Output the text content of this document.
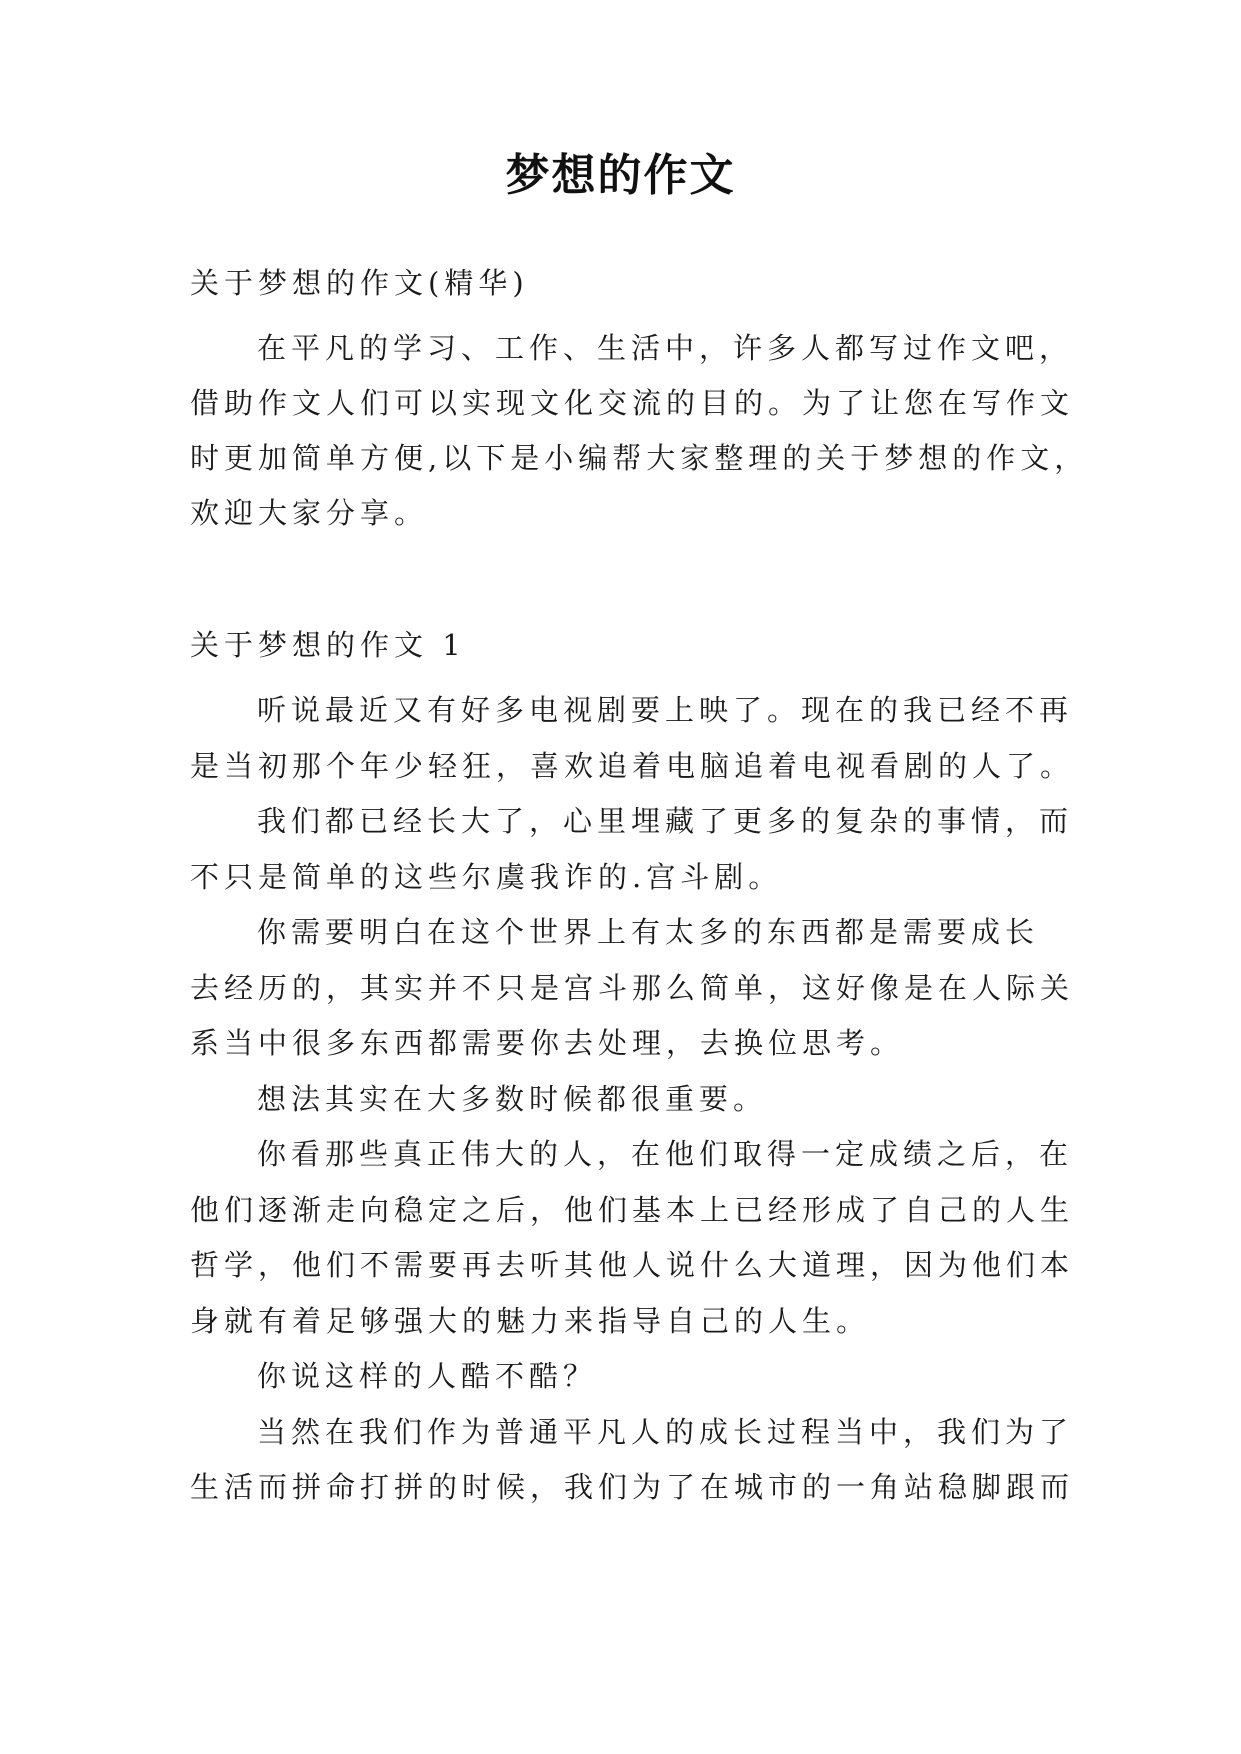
梦想的作文
关于梦想的作文(精华)
在平凡的学习、工作、生活中，许多人都写过作文吧，
借助作文人们可以实现文化交流的目的。为了让您在写作文
时更加简单方便,以下是小编帮大家整理的关于梦想的作文，
欢迎大家分享。
关于梦想的作文 1
听说最近又有好多电视剧要上映了。现在的我已经不再
是当初那个年少轻狂，喜欢追着电脑追着电视看剧的人了。
我们都已经长大了，心里埋藏了更多的复杂的事情，而
不只是简单的这些尔虞我诈的.宫斗剧。
你需要明白在这个世界上有太多的东西都是需要成长
去经历的，其实并不只是宫斗那么简单，这好像是在人际关
系当中很多东西都需要你去处理，去换位思考。
想法其实在大多数时候都很重要。
你看那些真正伟大的人，在他们取得一定成绩之后，在
他们逐渐走向稳定之后，他们基本上已经形成了自己的人生
哲学，他们不需要再去听其他人说什么大道理，因为他们本
身就有着足够强大的魅力来指导自己的人生。
你说这样的人酷不酷？
当然在我们作为普通平凡人的成长过程当中，我们为了
生活而拼命打拼的时候，我们为了在城市的一角站稳脚跟而
